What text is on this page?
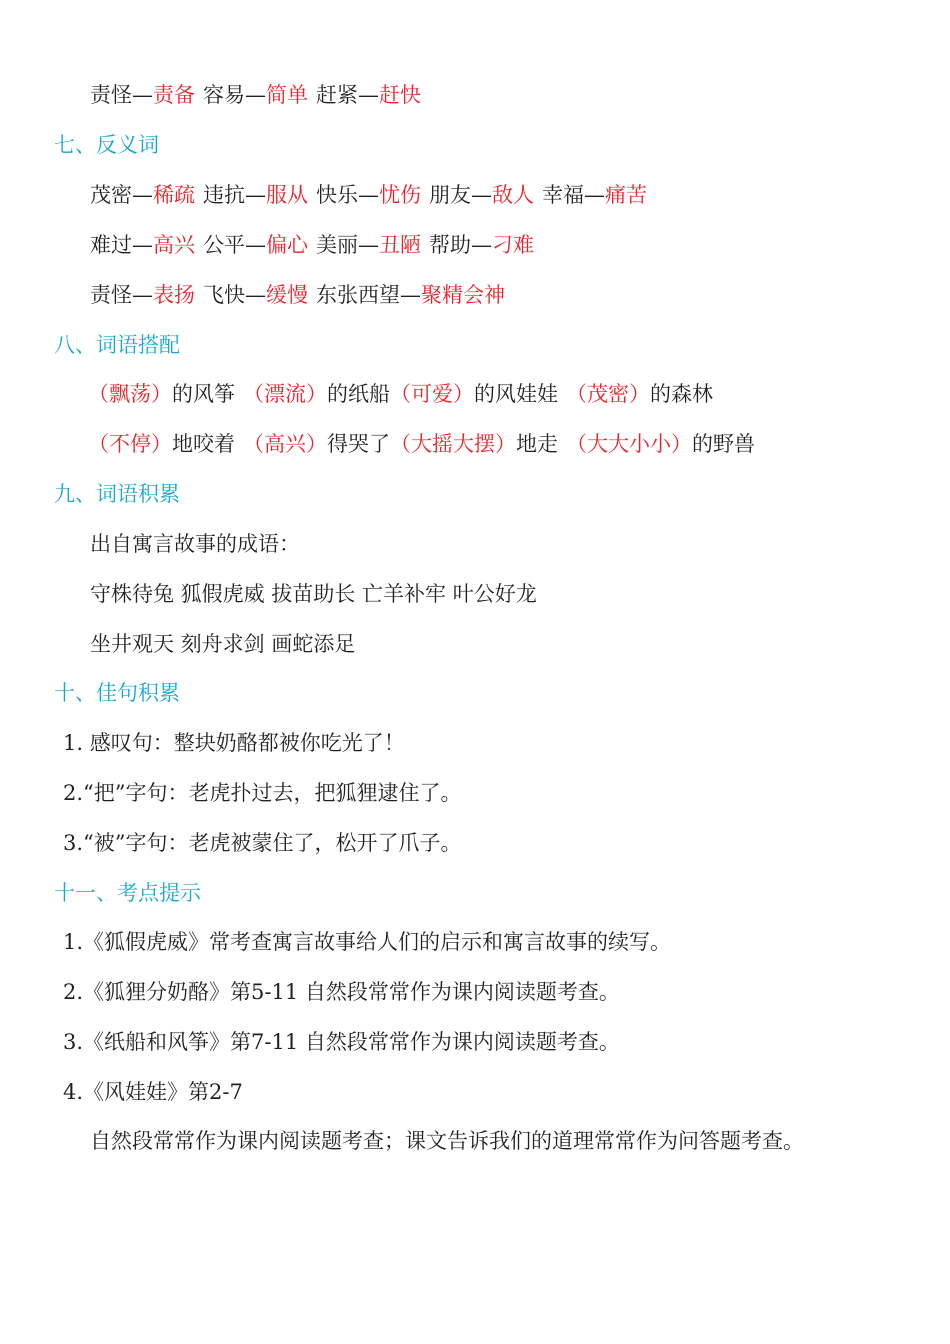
责怪—责备 容易—简单 赶紧—赶快
七、反义词
茂密—稀疏 违抗—服从 快乐—忧伤 朋友—敌人 幸福—痛苦
难过—高兴 公平—偏心 美丽—丑陋 帮助—刁难
责怪—表扬 飞快—缓慢 东张西望—聚精会神
八、词语搭配
（飘荡）的风筝 （漂流）的纸船（可爱）的风娃娃 （茂密）的森林
（不停）地咬着 （高兴）得哭了（大摇大摆）地走 （大大小小）的野兽
九、词语积累
出自寓言故事的成语：
守株待兔 狐假虎威 拔苗助长 亡羊补牢 叶公好龙
坐井观天 刻舟求剑 画蛇添足
十、佳句积累
1. 感叹句：整块奶酪都被你吃光了！
2.“把”字句：老虎扑过去，把狐狸逮住了。
3.“被”字句：老虎被蒙住了，松开了爪子。
十一、考点提示
1.《狐假虎威》常考查寓言故事给人们的启示和寓言故事的续写。
2.《狐狸分奶酪》第5-11 自然段常常作为课内阅读题考查。
3.《纸船和风筝》第7-11 自然段常常作为课内阅读题考查。
4.《风娃娃》第2-7
自然段常常作为课内阅读题考查；课文告诉我们的道理常常作为问答题考查。
